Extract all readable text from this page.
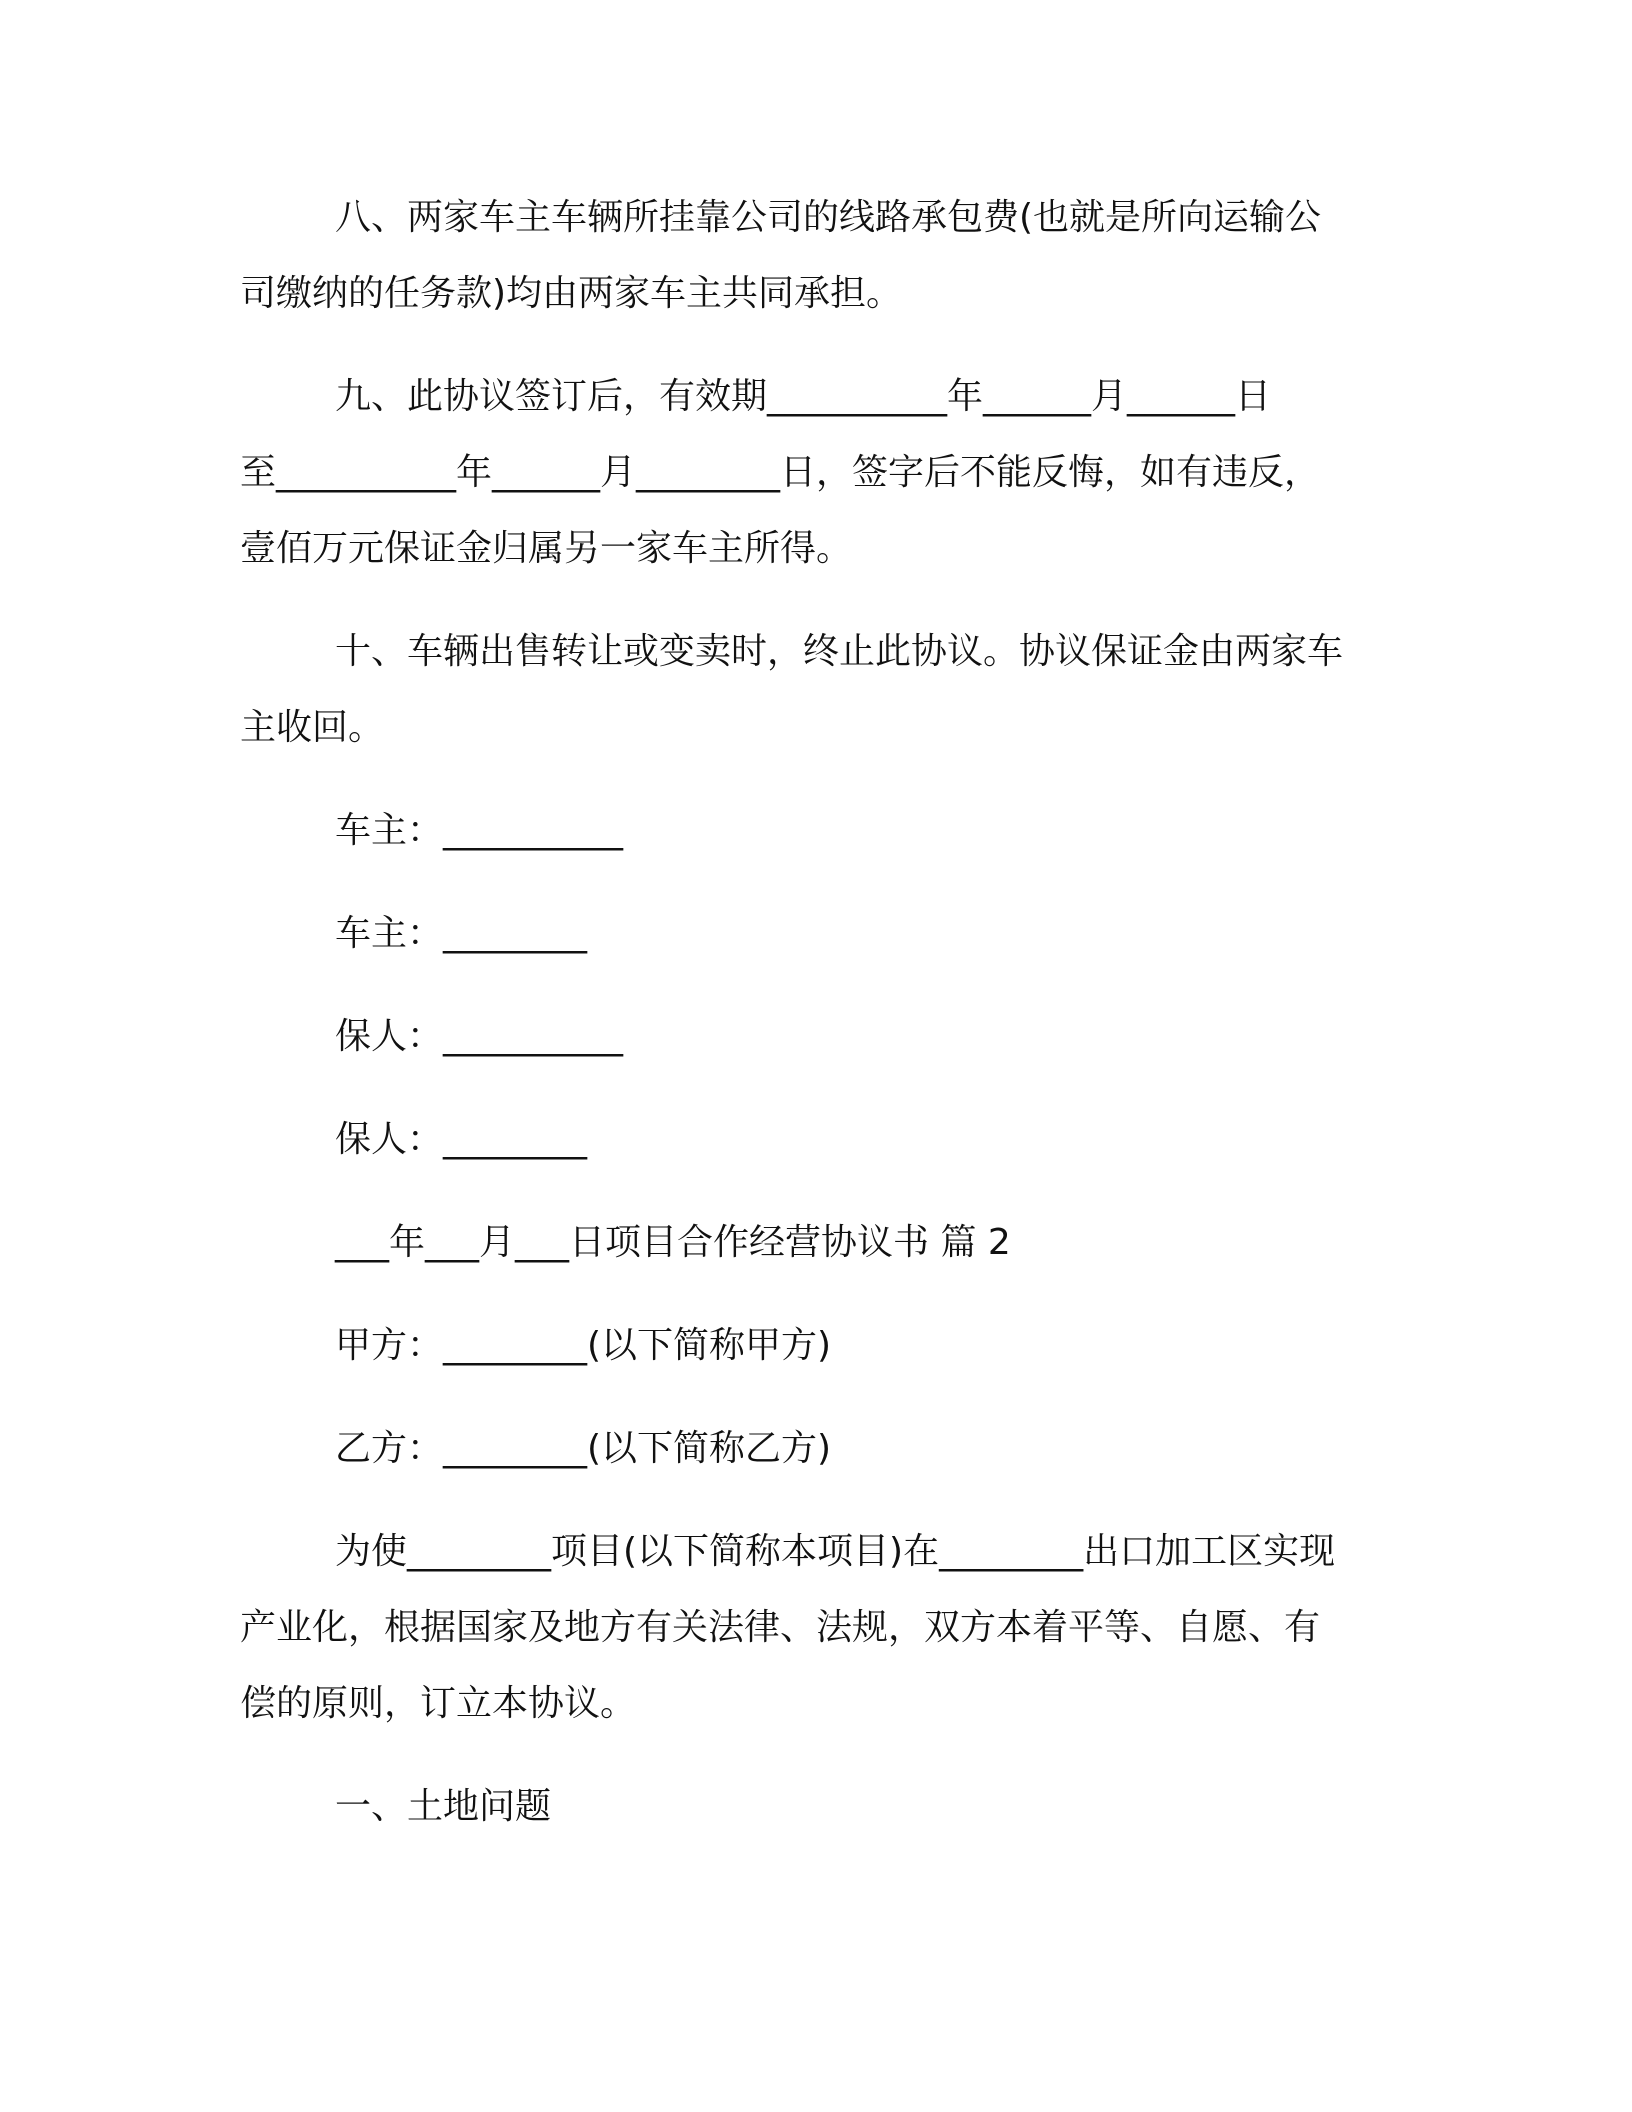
八、两家车主车辆所挂靠公司的线路承包费(也就是所向运输公
司缴纳的任务款)均由两家车主共同承担。
九、此协议签订后，有效期__________年______月______日
至__________年______月________日，签字后不能反悔，如有违反，
壹佰万元保证金归属另一家车主所得。
十、车辆出售转让或变卖时，终止此协议。协议保证金由两家车
主收回。
车主：__________
车主：________
保人：__________
保人：________
___年___月___日项目合作经营协议书 篇 2
甲方：________(以下简称甲方)
乙方：________(以下简称乙方)
为使________项目(以下简称本项目)在________出口加工区实现
产业化，根据国家及地方有关法律、法规，双方本着平等、自愿、有
偿的原则，订立本协议。
一、土地问题
